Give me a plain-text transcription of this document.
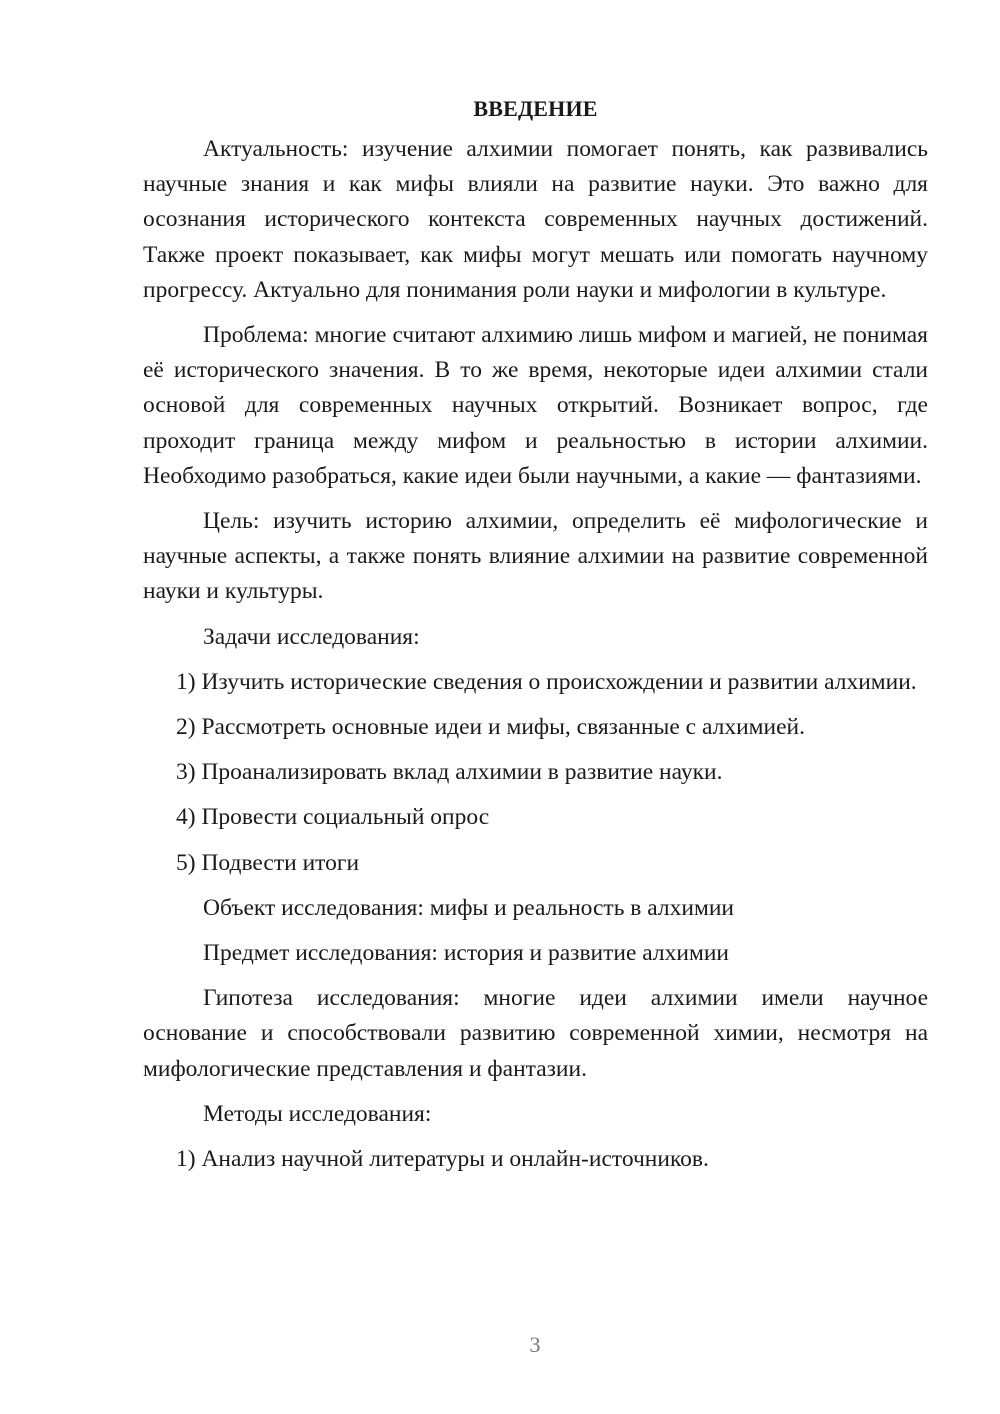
ВВЕДЕНИЕ

Актуальность: изучение алхимии помогает понять, как развивались научные знания и как мифы влияли на развитие науки. Это важно для осознания исторического контекста современных научных достижений. Также проект показывает, как мифы могут мешать или помогать научному прогрессу. Актуально для понимания роли науки и мифологии в культуре.

Проблема: многие считают алхимию лишь мифом и магией, не понимая её исторического значения. В то же время, некоторые идеи алхимии стали основой для современных научных открытий. Возникает вопрос, где проходит граница между мифом и реальностью в истории алхимии. Необходимо разобраться, какие идеи были научными, а какие — фантазиями.

Цель: изучить историю алхимии, определить её мифологические и научные аспекты, а также понять влияние алхимии на развитие современной науки и культуры.

Задачи исследования:

1) Изучить исторические сведения о происхождении и развитии алхимии.

2) Рассмотреть основные идеи и мифы, связанные с алхимией.

3) Проанализировать вклад алхимии в развитие науки.

4) Провести социальный опрос

5) Подвести итоги

Объект исследования: мифы и реальность в алхимии

Предмет исследования: история и развитие алхимии

Гипотеза исследования: многие идеи алхимии имели научное основание и способствовали развитию современной химии, несмотря на мифологические представления и фантазии.

Методы исследования:

1) Анализ научной литературы и онлайн-источников.

3
